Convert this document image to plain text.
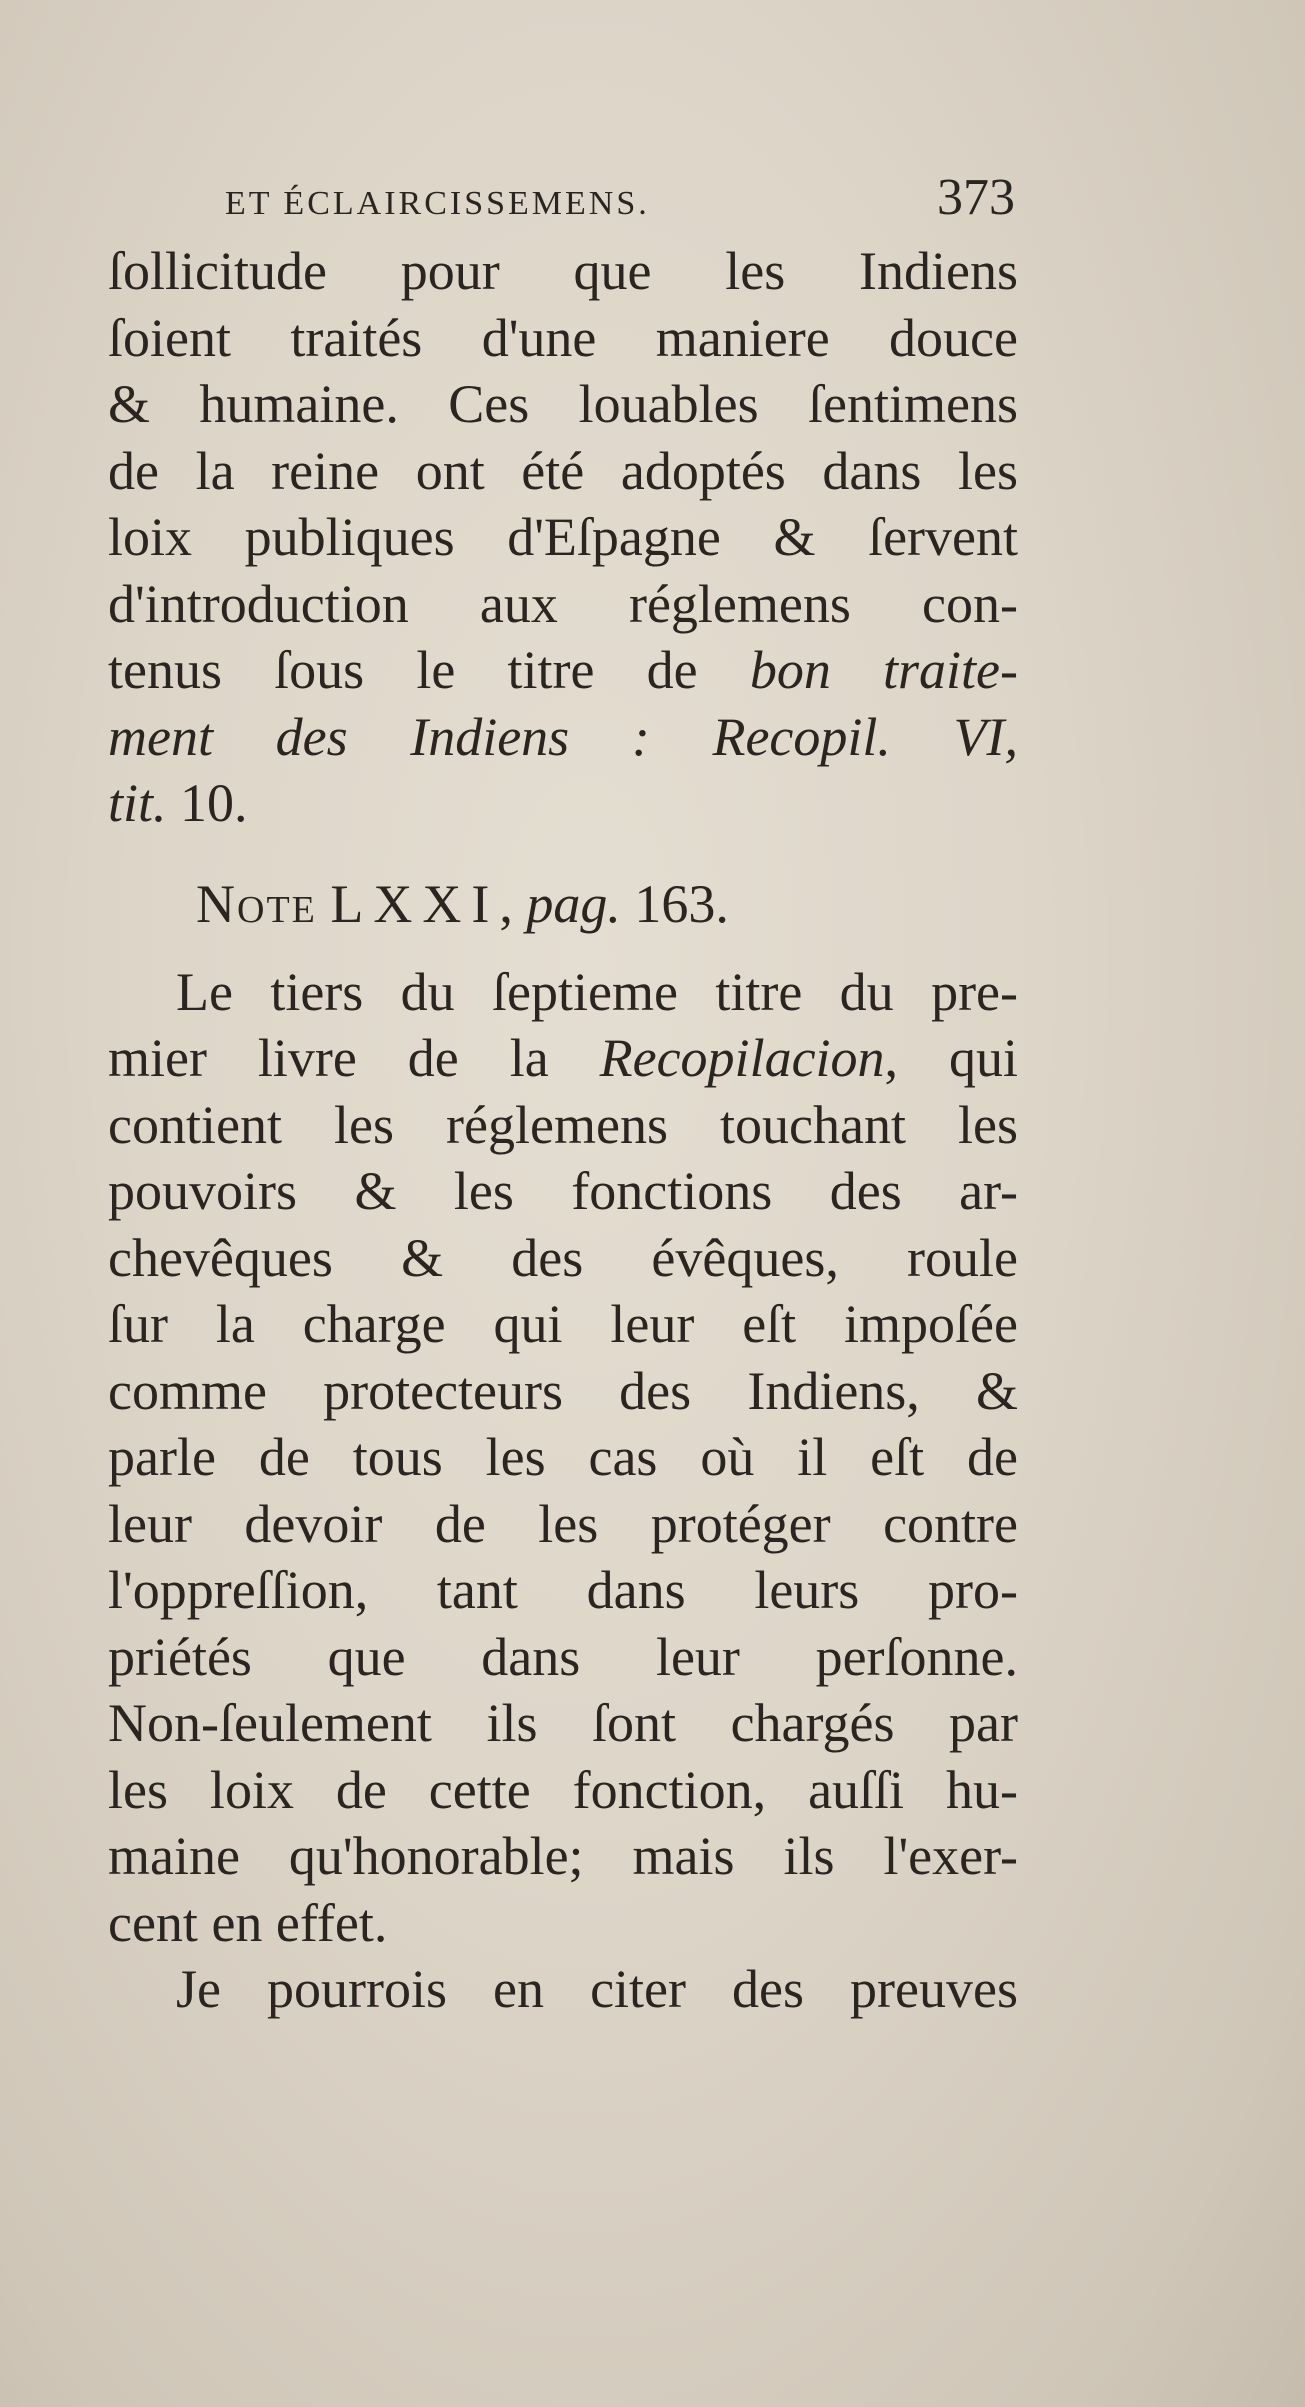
ET ÉCLAIRCISSEMENS.	373
ſollicitude pour que les Indiens
ſoient traités d'une maniere douce
& humaine. Ces louables ſentimens
de la reine ont été adoptés dans les
loix publiques d'Eſpagne & ſervent
d'introduction aux réglemens con-
tenus ſous le titre de bon traite-
ment des Indiens : Recopil. VI,
tit. 10.
Note LXXI, pag. 163.
Le tiers du ſeptieme titre du pre-
mier livre de la Recopilacion, qui
contient les réglemens touchant les
pouvoirs & les fonctions des ar-
chevêques & des évêques, roule
ſur la charge qui leur eſt impoſée
comme protecteurs des Indiens, &
parle de tous les cas où il eſt de
leur devoir de les protéger contre
l'oppreſſion, tant dans leurs pro-
priétés que dans leur perſonne.
Non-ſeulement ils ſont chargés par
les loix de cette fonction, auſſi hu-
maine qu'honorable; mais ils l'exer-
cent en effet.
Je pourrois en citer des preuves
